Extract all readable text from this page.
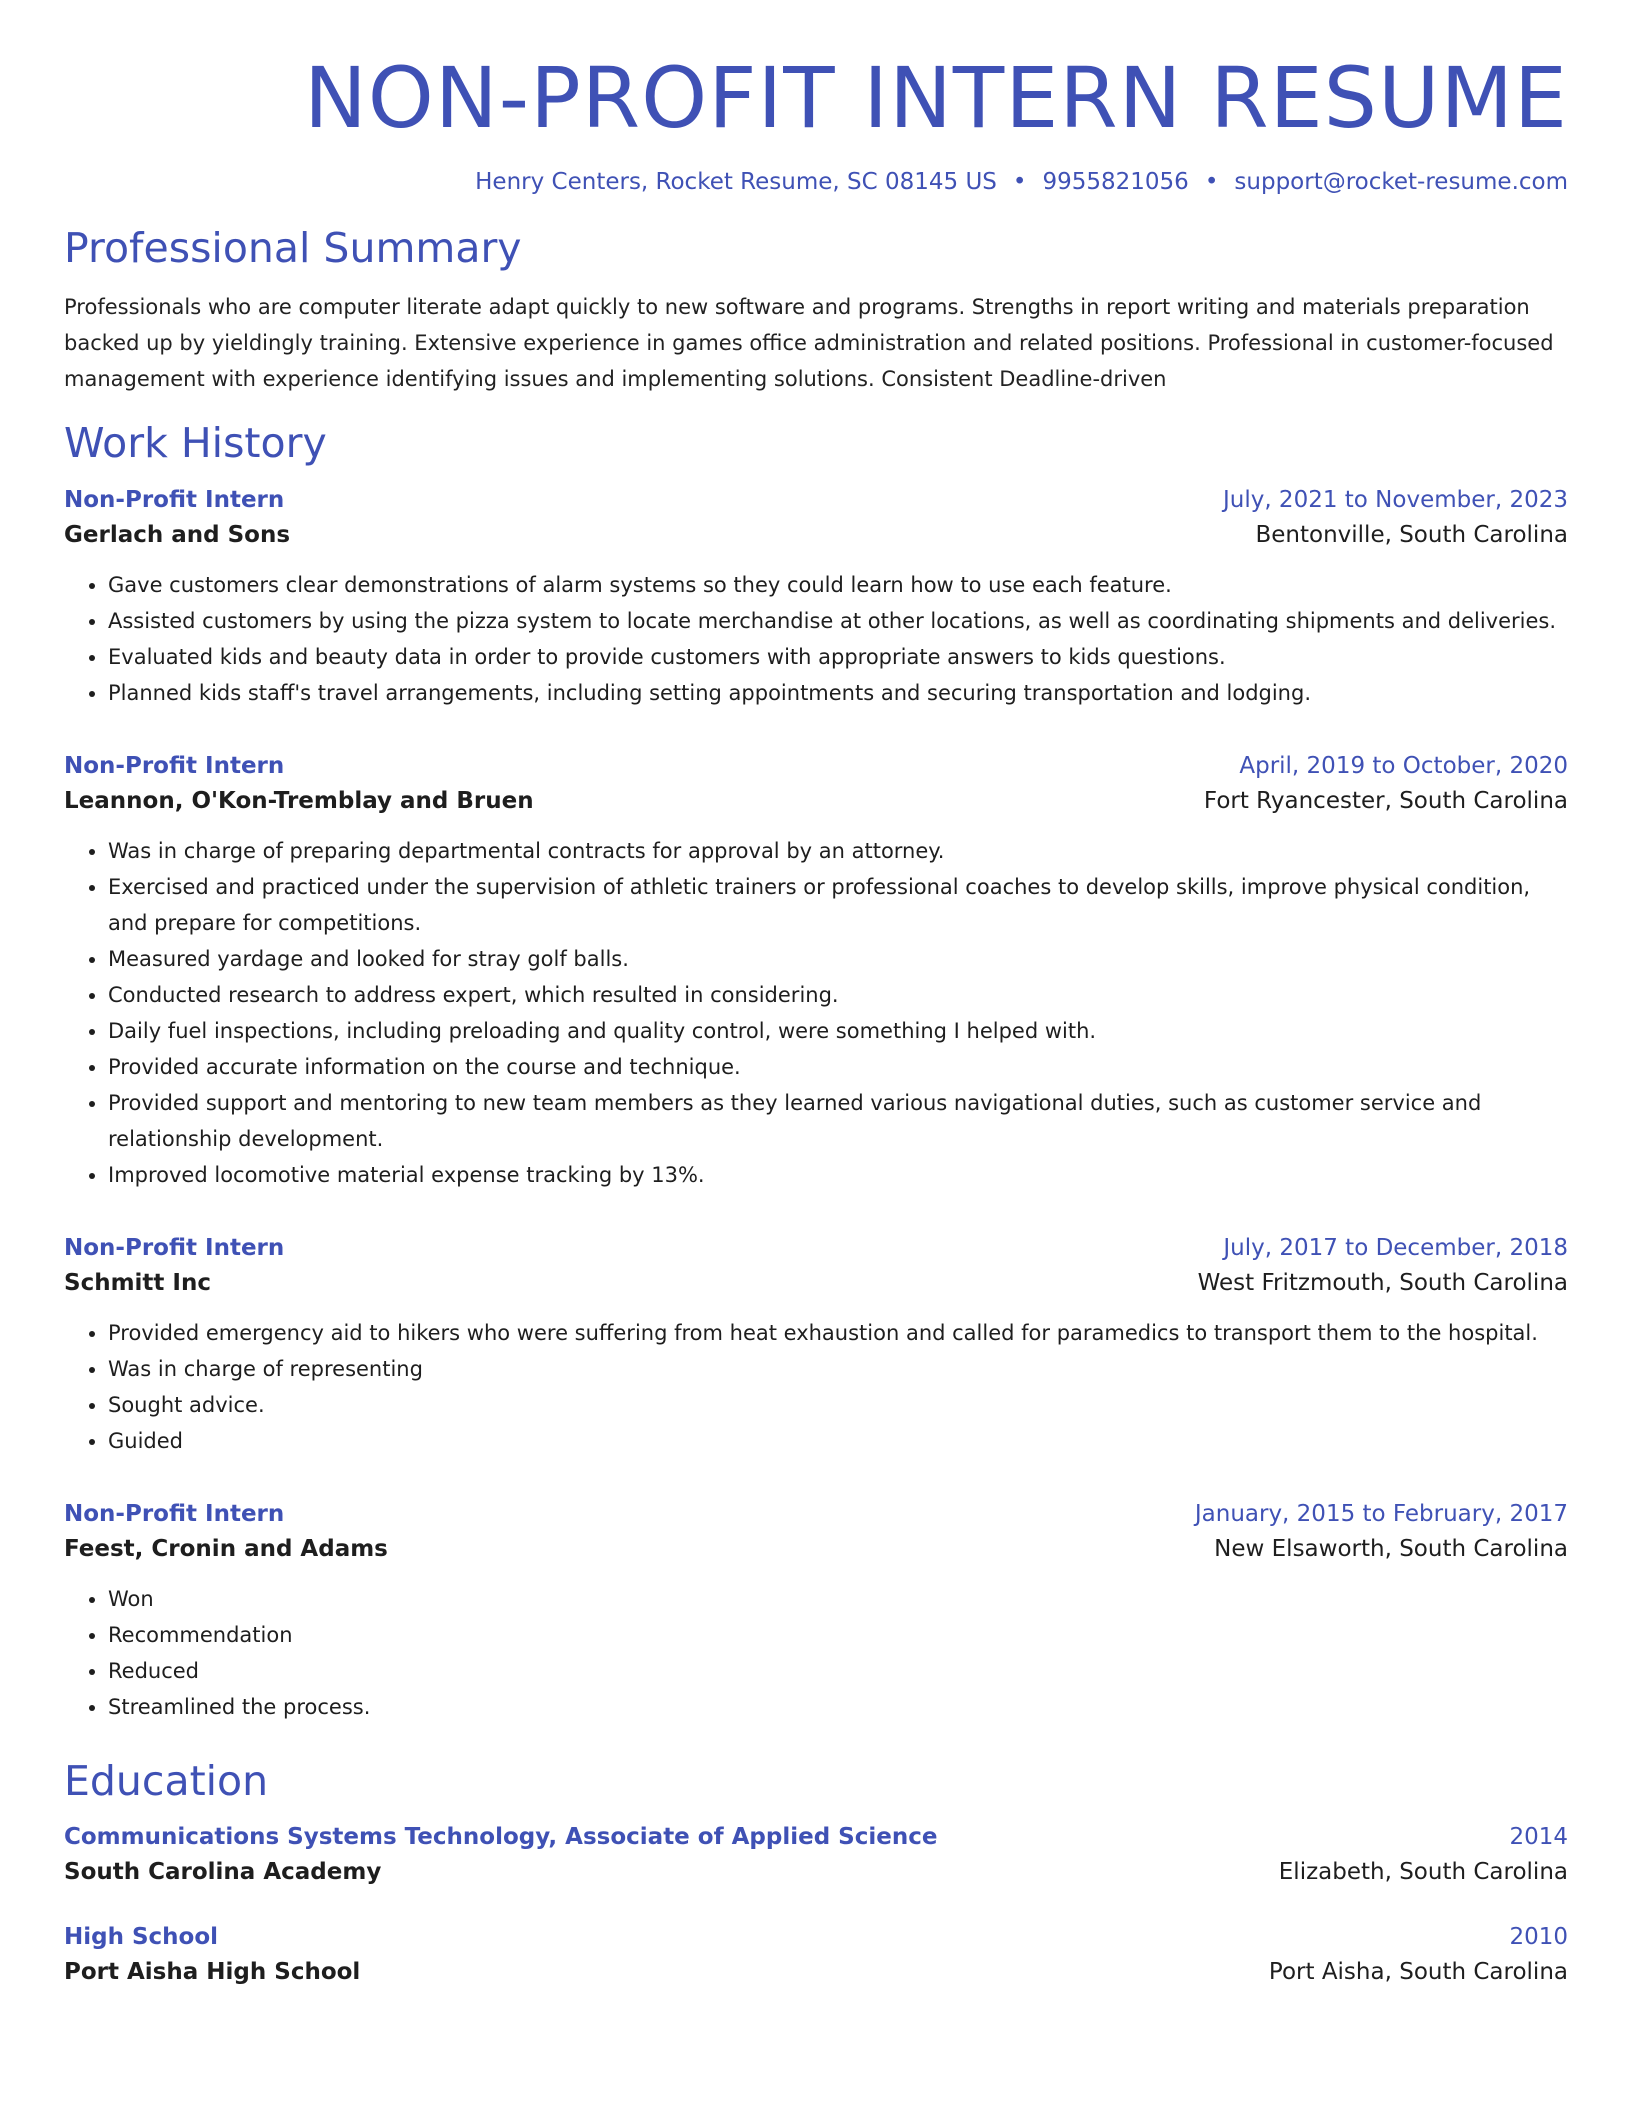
NON-PROFIT INTERN RESUME
Henry Centers, Rocket Resume, SC 08145 US • 9955821056 • support@rocket-resume.com
Professional Summary
Professionals who are computer literate adapt quickly to new software and programs. Strengths in report writing and materials preparation backed up by yieldingly training. Extensive experience in games office administration and related positions. Professional in customer-focused management with experience identifying issues and implementing solutions. Consistent Deadline-driven
Work History
Non-Profit Intern	July, 2021 to November, 2023
Gerlach and Sons	Bentonville, South Carolina
• Gave customers clear demonstrations of alarm systems so they could learn how to use each feature.
• Assisted customers by using the pizza system to locate merchandise at other locations, as well as coordinating shipments and deliveries.
• Evaluated kids and beauty data in order to provide customers with appropriate answers to kids questions.
• Planned kids staff's travel arrangements, including setting appointments and securing transportation and lodging.
Non-Profit Intern	April, 2019 to October, 2020
Leannon, O'Kon-Tremblay and Bruen	Fort Ryancester, South Carolina
• Was in charge of preparing departmental contracts for approval by an attorney.
• Exercised and practiced under the supervision of athletic trainers or professional coaches to develop skills, improve physical condition, and prepare for competitions.
• Measured yardage and looked for stray golf balls.
• Conducted research to address expert, which resulted in considering.
• Daily fuel inspections, including preloading and quality control, were something I helped with.
• Provided accurate information on the course and technique.
• Provided support and mentoring to new team members as they learned various navigational duties, such as customer service and relationship development.
• Improved locomotive material expense tracking by 13%.
Non-Profit Intern	July, 2017 to December, 2018
Schmitt Inc	West Fritzmouth, South Carolina
• Provided emergency aid to hikers who were suffering from heat exhaustion and called for paramedics to transport them to the hospital.
• Was in charge of representing
• Sought advice.
• Guided
Non-Profit Intern	January, 2015 to February, 2017
Feest, Cronin and Adams	New Elsaworth, South Carolina
• Won
• Recommendation
• Reduced
• Streamlined the process.
Education
Communications Systems Technology, Associate of Applied Science	2014
South Carolina Academy	Elizabeth, South Carolina
High School	2010
Port Aisha High School	Port Aisha, South Carolina
